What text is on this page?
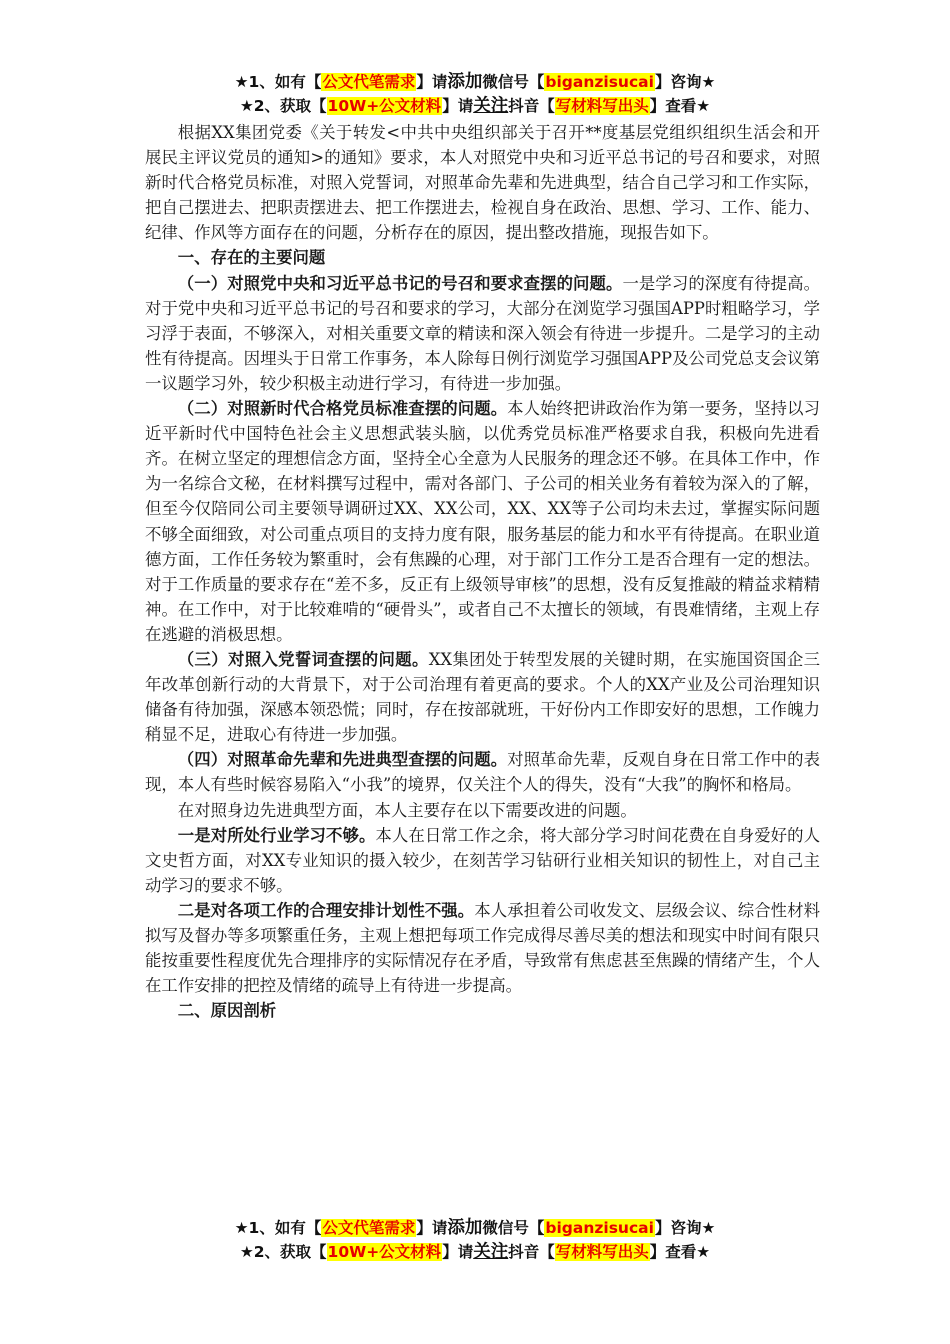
★1、如有【公文代笔需求】请添加微信号【biganzisucai】咨询★
★2、获取【10W+公文材料】请关注抖音【写材料写出头】查看★

根据XX集团党委《关于转发<中共中央组织部关于召开**度基层党组织组织生活会和开展民主评议党员的通知>的通知》要求，本人对照党中央和习近平总书记的号召和要求，对照新时代合格党员标准，对照入党誓词，对照革命先辈和先进典型，结合自己学习和工作实际，把自己摆进去、把职责摆进去、把工作摆进去，检视自身在政治、思想、学习、工作、能力、纪律、作风等方面存在的问题，分析存在的原因，提出整改措施，现报告如下。

一、存在的主要问题

（一）对照党中央和习近平总书记的号召和要求查摆的问题。一是学习的深度有待提高。对于党中央和习近平总书记的号召和要求的学习，大部分在浏览学习强国APP时粗略学习，学习浮于表面，不够深入，对相关重要文章的精读和深入领会有待进一步提升。二是学习的主动性有待提高。因埋头于日常工作事务，本人除每日例行浏览学习强国APP及公司党总支会议第一议题学习外，较少积极主动进行学习，有待进一步加强。

（二）对照新时代合格党员标准查摆的问题。本人始终把讲政治作为第一要务，坚持以习近平新时代中国特色社会主义思想武装头脑，以优秀党员标准严格要求自我，积极向先进看齐。在树立坚定的理想信念方面，坚持全心全意为人民服务的理念还不够。在具体工作中，作为一名综合文秘，在材料撰写过程中，需对各部门、子公司的相关业务有着较为深入的了解，但至今仅陪同公司主要领导调研过XX、XX公司，XX、XX等子公司均未去过，掌握实际问题不够全面细致，对公司重点项目的支持力度有限，服务基层的能力和水平有待提高。在职业道德方面，工作任务较为繁重时，会有焦躁的心理，对于部门工作分工是否合理有一定的想法。对于工作质量的要求存在“差不多，反正有上级领导审核”的思想，没有反复推敲的精益求精精神。在工作中，对于比较难啃的“硬骨头”，或者自己不太擅长的领域，有畏难情绪，主观上存在逃避的消极思想。

（三）对照入党誓词查摆的问题。XX集团处于转型发展的关键时期，在实施国资国企三年改革创新行动的大背景下，对于公司治理有着更高的要求。个人的XX产业及公司治理知识储备有待加强，深感本领恐慌；同时，存在按部就班，干好份内工作即安好的思想，工作魄力稍显不足，进取心有待进一步加强。

（四）对照革命先辈和先进典型查摆的问题。对照革命先辈，反观自身在日常工作中的表现，本人有些时候容易陷入“小我”的境界，仅关注个人的得失，没有“大我”的胸怀和格局。

在对照身边先进典型方面，本人主要存在以下需要改进的问题。

一是对所处行业学习不够。本人在日常工作之余，将大部分学习时间花费在自身爱好的人文史哲方面，对XX专业知识的摄入较少，在刻苦学习钻研行业相关知识的韧性上，对自己主动学习的要求不够。

二是对各项工作的合理安排计划性不强。本人承担着公司收发文、层级会议、综合性材料拟写及督办等多项繁重任务，主观上想把每项工作完成得尽善尽美的想法和现实中时间有限只能按重要性程度优先合理排序的实际情况存在矛盾，导致常有焦虑甚至焦躁的情绪产生，个人在工作安排的把控及情绪的疏导上有待进一步提高。

二、原因剖析

★1、如有【公文代笔需求】请添加微信号【biganzisucai】咨询★
★2、获取【10W+公文材料】请关注抖音【写材料写出头】查看★
